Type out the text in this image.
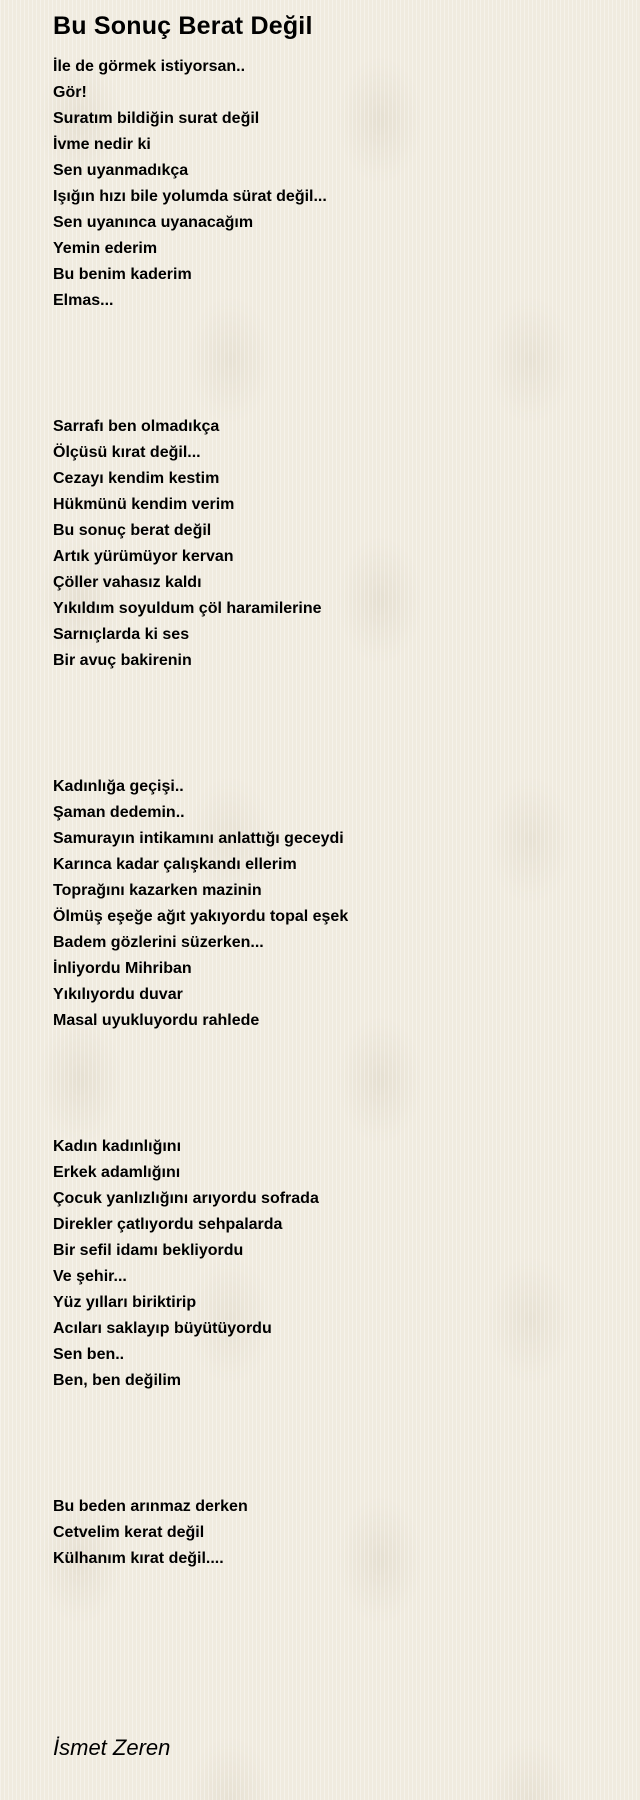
Bu Sonuç Berat Değil
İle de görmek istiyorsan..
Gör!
Suratım bildiğin surat değil
İvme nedir ki
Sen uyanmadıkça
Işığın hızı bile yolumda sürat değil...
Sen uyanınca uyanacağım
Yemin ederim
Bu benim kaderim
Elmas...
Sarrafı ben olmadıkça
Ölçüsü kırat değil...
Cezayı kendim kestim
Hükmünü kendim verim
Bu sonuç berat değil
Artık yürümüyor kervan
Çöller vahasız kaldı
Yıkıldım soyuldum çöl haramilerine
Sarnıçlarda ki ses
Bir avuç bakirenin
Kadınlığa geçişi..
Şaman dedemin..
Samurayın intikamını anlattığı geceydi
Karınca kadar çalışkandı ellerim
Toprağını kazarken mazinin
Ölmüş eşeğe ağıt yakıyordu topal eşek
Badem gözlerini süzerken...
İnliyordu Mihriban
Yıkılıyordu duvar
Masal uyukluyordu rahlede
Kadın kadınlığını
Erkek adamlığını
Çocuk yanlızlığını arıyordu sofrada
Direkler çatlıyordu sehpalarda
Bir sefil idamı bekliyordu
Ve şehir...
Yüz yılları biriktirip
Acıları saklayıp büyütüyordu
Sen ben..
Ben, ben değilim
Bu beden arınmaz derken
Cetvelim kerat değil
Külhanım kırat değil....
İsmet Zeren
